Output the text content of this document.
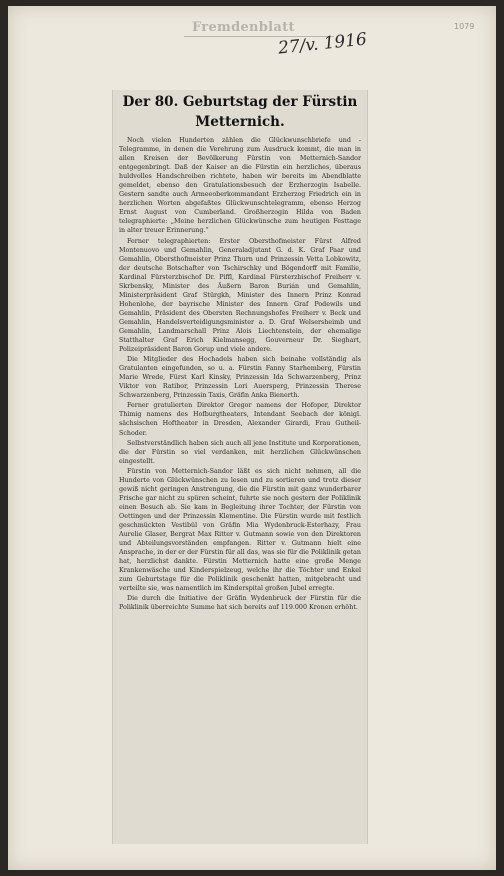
Fremdenblatt
27/v. 1916
1079
Der 80. Geburtstag der Fürstin Metternich.

Noch vielen Hunderten zählen die Glückwunschbriefe und -Telegramme, in denen die Verehrung zum Ausdruck kommt, die man in allen Kreisen der Bevölkerung Fürstin von Metternich-Sandor entgegenbringt. Daß der Kaiser an die Fürstin ein herzliches, überaus huldvolles Handschreiben richtete, haben wir bereits im Abendblatte gemeldet, ebenso den Gratulationsbesuch der Erzherzogin Isabelle. Gestern sandte auch Armeeoberkommandant Erzherzog Friedrich ein in herzlichen Worten abgefaßtes Glückwunschtelegramm, ebenso Herzog Ernst August von Cumberland. Großherzogin Hilda von Baden telegraphierte: „Meine herzlichen Glückwünsche zum heutigen Festtage in alter treuer Erinnerung.“

Ferner telegraphierten: Erster Obersthofmeister Fürst Alfred Montenuovo und Gemahlin, Generaladjutant G. d. K. Graf Paar und Gemahlin, Obersthofmeister Prinz Thurn und Prinzessin Vetta Lobkowitz, der deutsche Botschafter von Tschirschky und Bögendorff mit Familie, Kardinal Fürsterzbischof Dr. Piffl, Kardinal Fürsterzbischof Freiherr v. Skrbensky, Minister des Äußern Baron Burián und Gemahlin, Ministerpräsident Graf Stürgkh, Minister des Innern Prinz Konrad Hohenlohe, der bayrische Minister des Innern Graf Podewils und Gemahlin, Präsident des Obersten Rechnungshofes Freiherr v. Beck und Gemahlin, Handelsverteidigungsminister a. D. Graf Welsersheimb und Gemahlin, Landmarschall Prinz Alois Liechtenstein, der ehemalige Statthalter Graf Erich Kielmansegg, Gouverneur Dr. Sieghart, Polizeipräsident Baron Gorup und viele andere.

Die Mitglieder des Hochadels haben sich beinahe vollständig als Gratulanten eingefunden, so u. a. Fürstin Fanny Starhemberg, Fürstin Marie Wrede, Fürst Karl Kinsky, Prinzessin Ida Schwarzenberg, Prinz Viktor von Ratibor, Prinzessin Lori Auersperg, Prinzessin Therese Schwarzenberg, Prinzessin Taxis, Gräfin Anka Bienerth.

Ferner gratulierten Direktor Gregor namens der Hofoper, Direktor Thimig namens des Hofburgtheaters, Intendant Seebach der königl. sächsischen Hoftheater in Dresden, Alexander Girardi, Frau Gutheil-Schoder.

Selbstverständlich haben sich auch all jene Institute und Korporationen, die der Fürstin so viel verdanken, mit herzlichen Glückwünschen eingestellt.

Fürstin von Metternich-Sandor läßt es sich nicht nehmen, all die Hunderte von Glückwünschen zu lesen und zu sortieren und trotz dieser gewiß nicht geringen Anstrengung, die die Fürstin mit ganz wunderbarer Frische gar nicht zu spüren scheint, fuhrte sie noch gestern der Poliklinik einen Besuch ab. Sie kam in Begleitung ihrer Tochter, der Fürstin von Oettingen und der Prinzessin Klementine. Die Fürstin wurde mit festlich geschmückten Vestibül von Gräfin Mia Wydenbruck-Esterhazy, Frau Aurelie Glaser, Bergrat Max Ritter v. Gutmann sowie von den Direktoren und Abteilungsvorständen empfangen. Ritter v. Gutmann hielt eine Ansprache, in der er der Fürstin für all das, was sie für die Poliklinik getan hat, herzlichst dankte. Fürstin Metternich hatte eine große Menge Krankenwäsche und Kinderspielzeug, welche ihr die Töchter und Enkel zum Geburtstage für die Poliklinik geschenkt hatten, mitgebracht und verteilte sie, was namentlich im Kinderspital großen Jubel erregte.

Die durch die Initiative der Gräfin Wydenbruck der Fürstin für die Poliklinik überreichte Summe hat sich bereits auf 119.000 Kronen erhöht.
